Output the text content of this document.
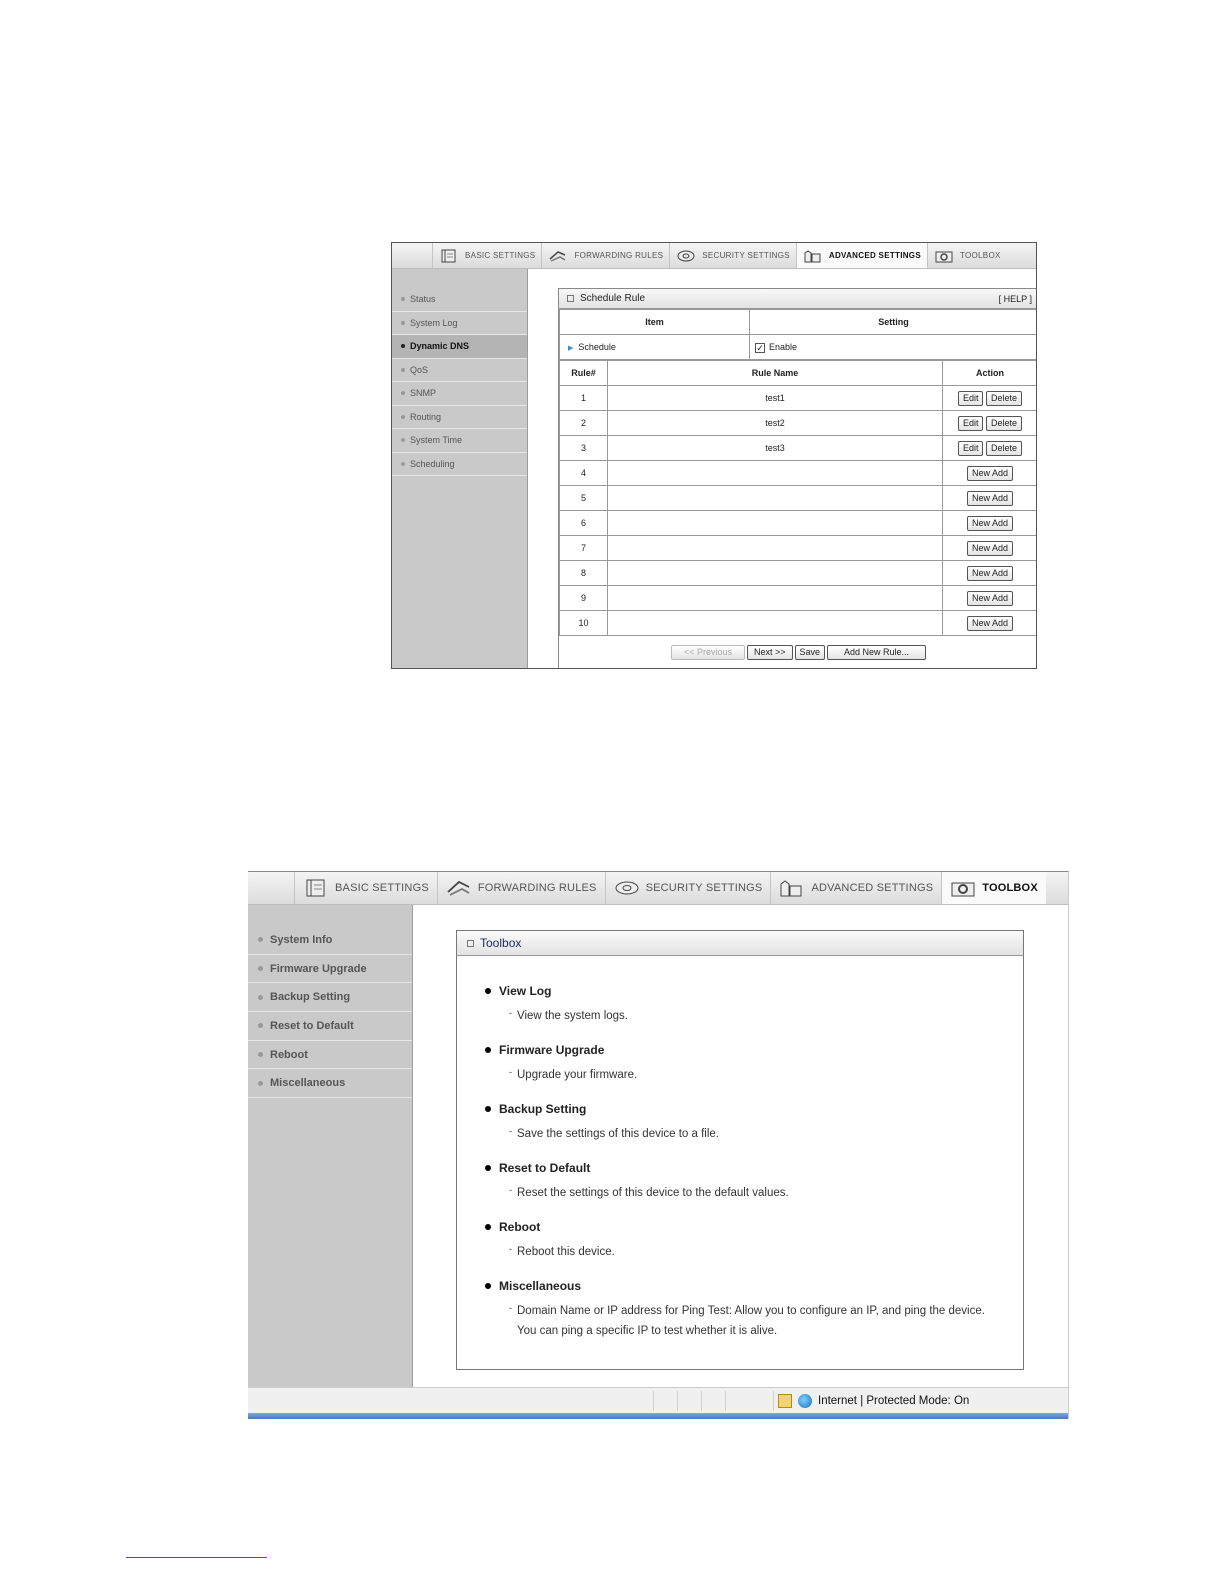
BASIC SETTINGS	FORWARDING RULES	SECURITY SETTINGS	ADVANCED SETTINGS	TOOLBOX
Status
System Log
Dynamic DNS
QoS
SNMP
Routing
System Time
Scheduling
Schedule Rule	[ HELP ]
Item	Setting
▶ Schedule	✓ Enable
Rule#	Rule Name	Action
1	test1	Edit Delete
2	test2	Edit Delete
3	test3	Edit Delete
4		New Add
5		New Add
6		New Add
7		New Add
8		New Add
9		New Add
10		New Add
<< Previous	Next >>	Save	Add New Rule...
BASIC SETTINGS	FORWARDING RULES	SECURITY SETTINGS	ADVANCED SETTINGS	TOOLBOX
System Info
Firmware Upgrade
Backup Setting
Reset to Default
Reboot
Miscellaneous
Toolbox
View Log
- View the system logs.
Firmware Upgrade
- Upgrade your firmware.
Backup Setting
- Save the settings of this device to a file.
Reset to Default
- Reset the settings of this device to the default values.
Reboot
- Reboot this device.
Miscellaneous
- Domain Name or IP address for Ping Test: Allow you to configure an IP, and ping the device. You can ping a specific IP to test whether it is alive.
Internet | Protected Mode: On
